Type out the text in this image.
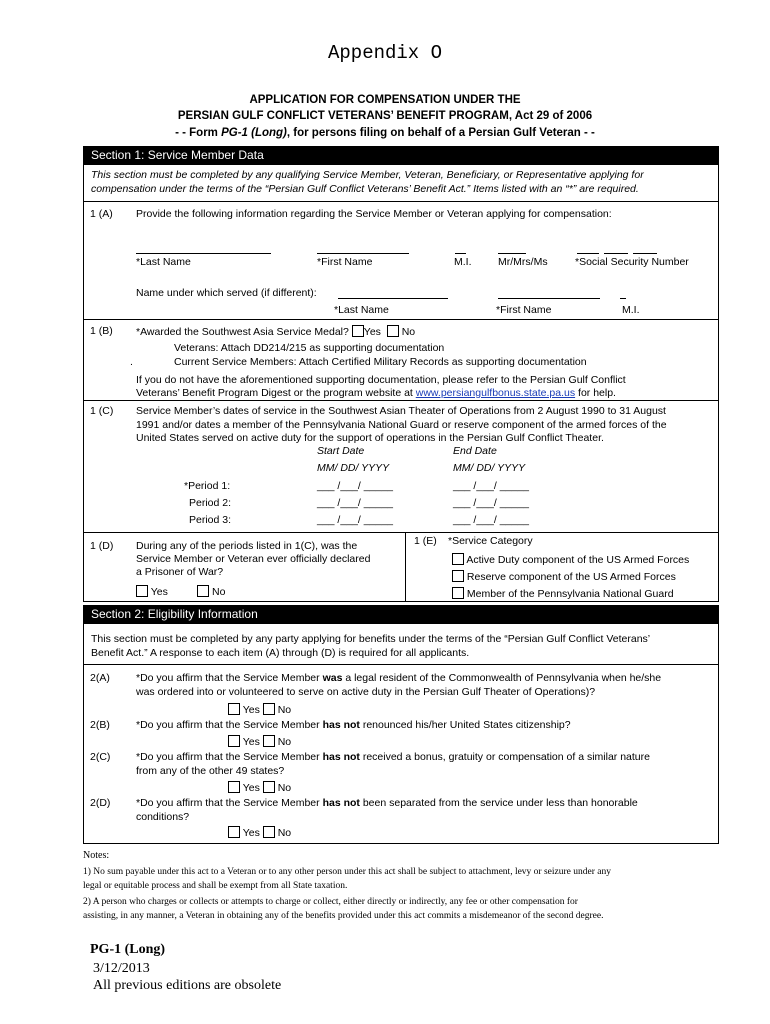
Appendix O
APPLICATION FOR COMPENSATION UNDER THE
PERSIAN GULF CONFLICT VETERANS’ BENEFIT PROGRAM, Act 29 of 2006
- - Form PG-1 (Long), for persons filing on behalf of a Persian Gulf Veteran - -
Section 1: Service Member Data
This section must be completed by any qualifying Service Member, Veteran, Beneficiary, or Representative applying for
compensation under the terms of the “Persian Gulf Conflict Veterans’ Benefit Act.” Items listed with an “*” are required.
1 (A) Provide the following information regarding the Service Member or Veteran applying for compensation:
*Last Name	*First Name	M.I.	Mr/Mrs/Ms	*Social Security Number
Name under which served (if different):
*Last Name	*First Name	M.I.
1 (B) *Awarded the Southwest Asia Service Medal? Yes No
Veterans: Attach DD214/215 as supporting documentation
.	Current Service Members: Attach Certified Military Records as supporting documentation
If you do not have the aforementioned supporting documentation, please refer to the Persian Gulf Conflict
Veterans’ Benefit Program Digest or the program website at www.persiangulfbonus.state.pa.us for help.
1 (C) Service Member’s dates of service in the Southwest Asian Theater of Operations from 2 August 1990 to 31 August
1991 and/or dates a member of the Pennsylvania National Guard or reserve component of the armed forces of the
United States served on active duty for the support of operations in the Persian Gulf Conflict Theater.
Start Date	End Date
MM/ DD/ YYYY	MM/ DD/ YYYY
*Period 1:	___ /___/ _____	___ /___/ _____
Period 2:	___ /___/ _____	___ /___/ _____
Period 3:	___ /___/ _____	___ /___/ _____
1 (D) During any of the periods listed in 1(C), was the
Service Member or Veteran ever officially declared
a Prisoner of War?
Yes	No
1 (E) *Service Category
Active Duty component of the US Armed Forces
Reserve component of the US Armed Forces
Member of the Pennsylvania National Guard
Section 2: Eligibility Information
This section must be completed by any party applying for benefits under the terms of the “Persian Gulf Conflict Veterans’
Benefit Act.” A response to each item (A) through (D) is required for all applicants.
2(A) *Do you affirm that the Service Member was a legal resident of the Commonwealth of Pennsylvania when he/she
was ordered into or volunteered to serve on active duty in the Persian Gulf Theater of Operations)?
Yes No
2(B) *Do you affirm that the Service Member has not renounced his/her United States citizenship?
Yes No
2(C) *Do you affirm that the Service Member has not received a bonus, gratuity or compensation of a similar nature
from any of the other 49 states?
Yes No
2(D) *Do you affirm that the Service Member has not been separated from the service under less than honorable
conditions?
Yes No
Notes:
1) No sum payable under this act to a Veteran or to any other person under this act shall be subject to attachment, levy or seizure under any
legal or equitable process and shall be exempt from all State taxation.
2) A person who charges or collects or attempts to charge or collect, either directly or indirectly, any fee or other compensation for
assisting, in any manner, a Veteran in obtaining any of the benefits provided under this act commits a misdemeanor of the second degree.
PG-1 (Long)
3/12/2013
All previous editions are obsolete
